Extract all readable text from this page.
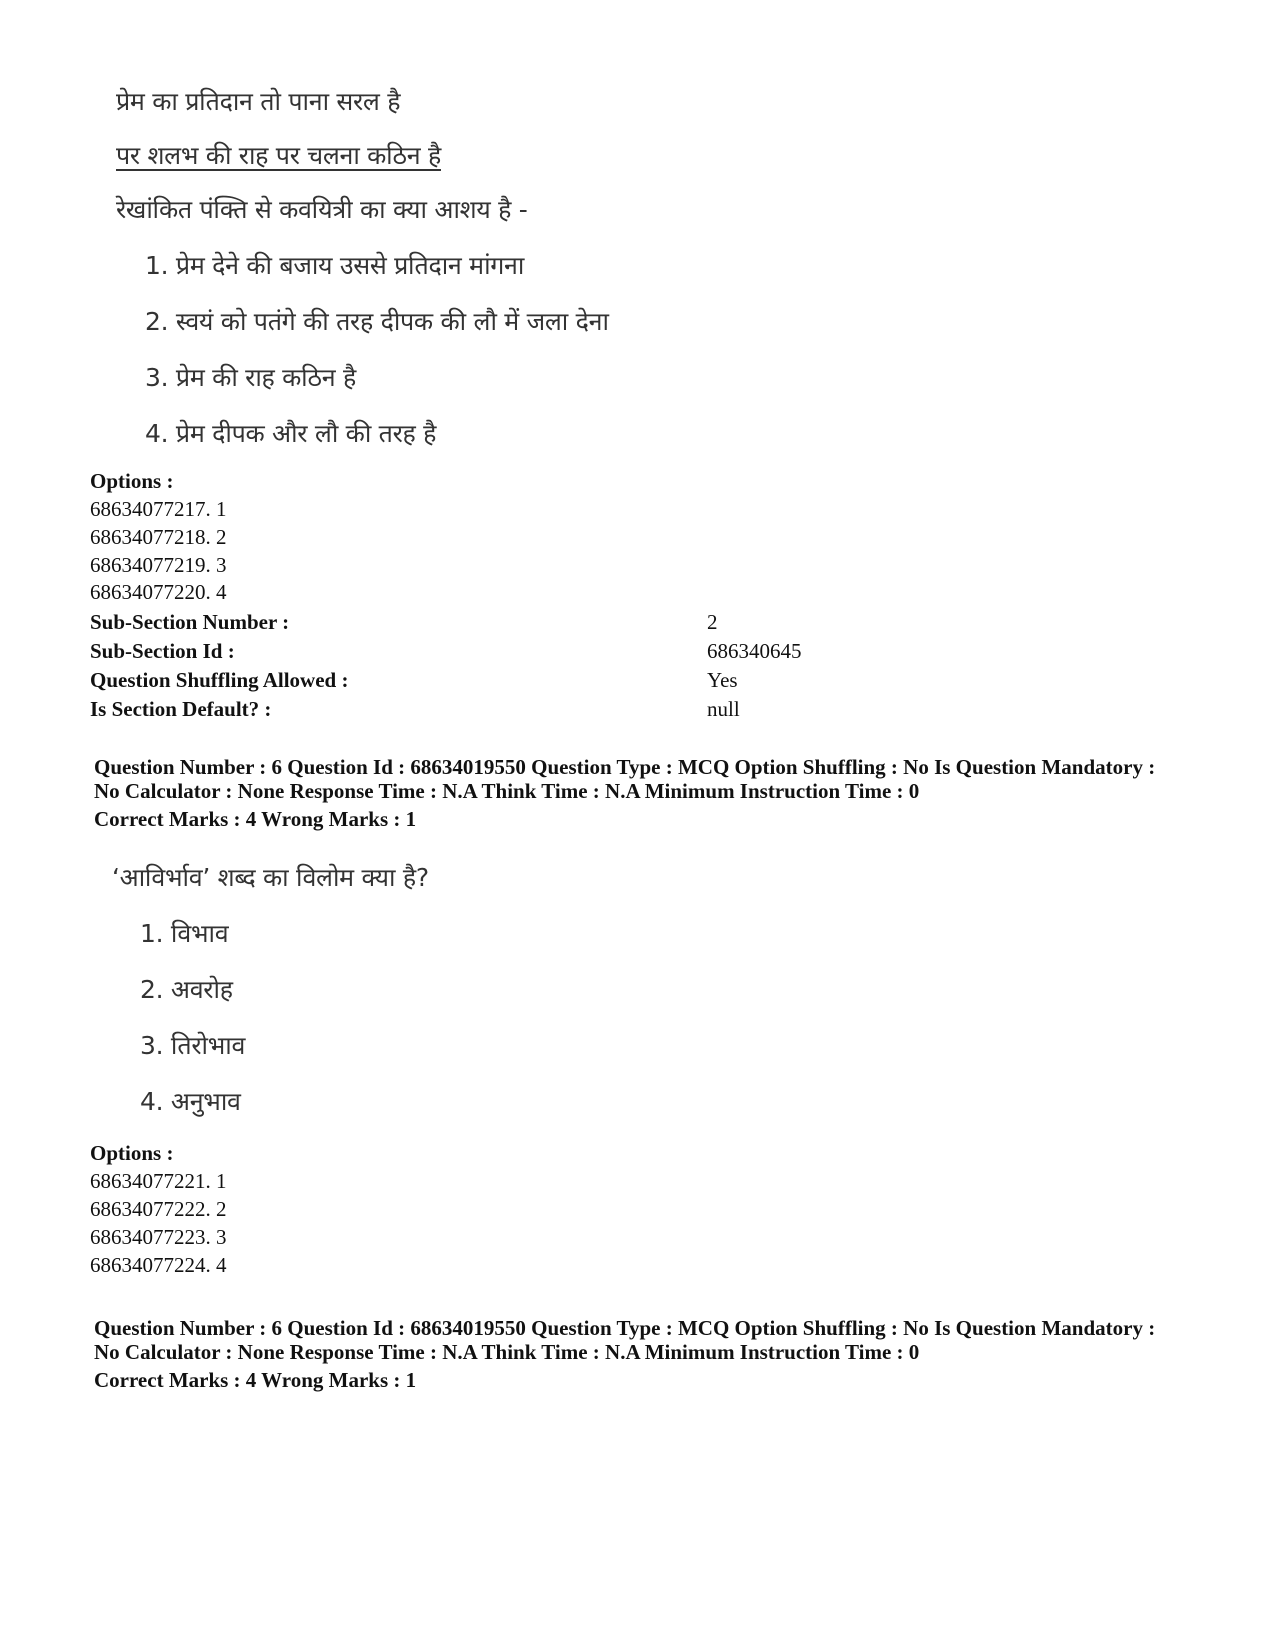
प्रेम का प्रतिदान तो पाना सरल है
पर शलभ की राह पर चलना कठिन है
रेखांकित पंक्ति से कवयित्री का क्या आशय है -
1. प्रेम देने की बजाय उससे प्रतिदान मांगना
2. स्वयं को पतंगे की तरह दीपक की लौ में जला देना
3. प्रेम की राह कठिन है
4. प्रेम दीपक और लौ की तरह है
Options :
68634077217. 1
68634077218. 2
68634077219. 3
68634077220. 4
Sub-Section Number :	2
Sub-Section Id :	686340645
Question Shuffling Allowed :	Yes
Is Section Default? :	null
Question Number : 6 Question Id : 68634019550 Question Type : MCQ Option Shuffling : No Is Question Mandatory :
No Calculator : None Response Time : N.A Think Time : N.A Minimum Instruction Time : 0
Correct Marks : 4 Wrong Marks : 1
‘आविर्भाव’ शब्द का विलोम क्या है?
1. विभाव
2. अवरोह
3. तिरोभाव
4. अनुभाव
Options :
68634077221. 1
68634077222. 2
68634077223. 3
68634077224. 4
Question Number : 6 Question Id : 68634019550 Question Type : MCQ Option Shuffling : No Is Question Mandatory :
No Calculator : None Response Time : N.A Think Time : N.A Minimum Instruction Time : 0
Correct Marks : 4 Wrong Marks : 1
